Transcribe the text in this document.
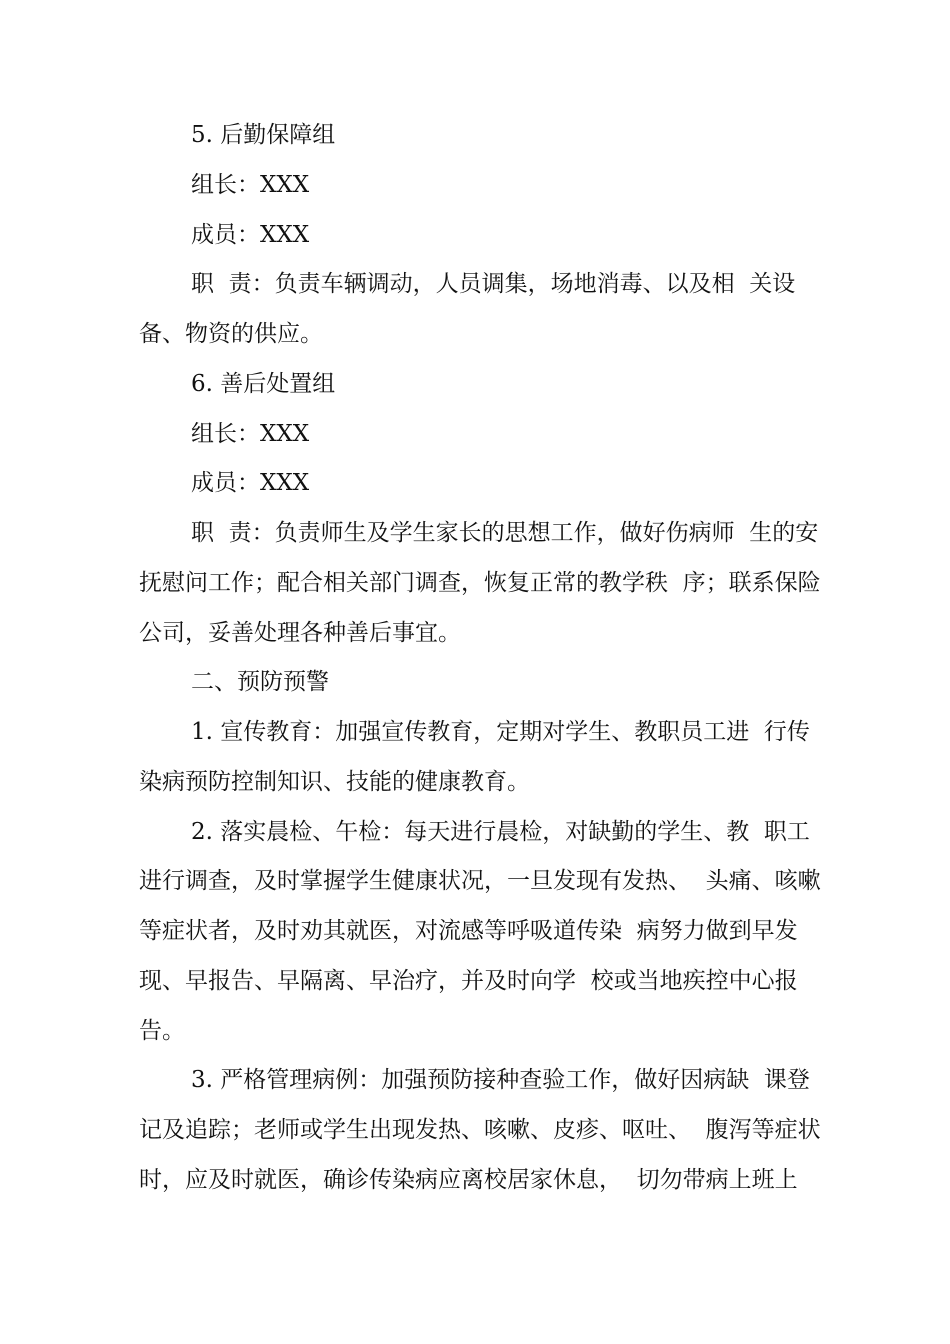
5. 后勤保障组
组长：XXX
成员：XXX
职  责：负责车辆调动，人员调集，场地消毒、以及相  关设
备、物资的供应。
6. 善后处置组
组长：XXX
成员：XXX
职  责：负责师生及学生家长的思想工作，做好伤病师  生的安
抚慰问工作；配合相关部门调查，恢复正常的教学秩  序；联系保险
公司，妥善处理各种善后事宜。
二、预防预警
1. 宣传教育：加强宣传教育，定期对学生、教职员工进  行传
染病预防控制知识、技能的健康教育。
2. 落实晨检、午检：每天进行晨检，对缺勤的学生、教  职工
进行调查，及时掌握学生健康状况，一旦发现有发热、  头痛、咳嗽
等症状者，及时劝其就医，对流感等呼吸道传染  病努力做到早发
现、早报告、早隔离、早治疗，并及时向学  校或当地疾控中心报
告。
3. 严格管理病例：加强预防接种查验工作，做好因病缺  课登
记及追踪；老师或学生出现发热、咳嗽、皮疹、呕吐、  腹泻等症状
时，应及时就医，确诊传染病应离校居家休息，  切勿带病上班上
